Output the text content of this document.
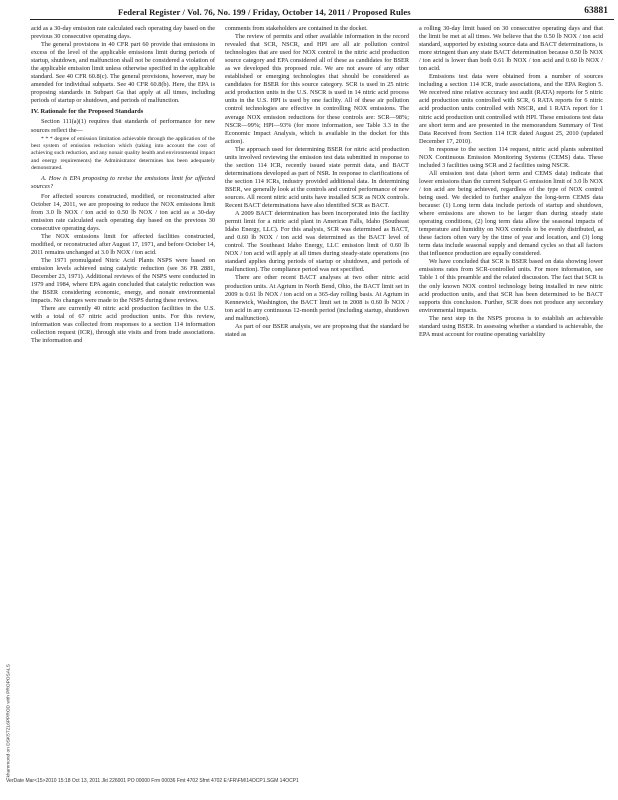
Federal Register / Vol. 76, No. 199 / Friday, October 14, 2011 / Proposed Rules	63881

acid as a 30-day emission rate calculated each operating day based on the previous 30 consecutive operating days.

The general provisions in 40 CFR part 60 provide that emissions in excess of the level of the applicable emissions limit during periods of startup, shutdown, and malfunction shall not be considered a violation of the applicable emission limit unless otherwise specified in the applicable standard. See 40 CFR 60.8(c). The general provisions, however, may be amended for individual subparts. See 40 CFR 60.8(b). Here, the EPA is proposing standards in Subpart Ga that apply at all times, including periods of startup or shutdown, and periods of malfunction.

IV. Rationale for the Proposed Standards

Section 111(a)(1) requires that standards of performance for new sources reflect the—

* * * degree of emission limitation achievable through the application of the best system of emission reduction which (taking into account the cost of achieving such reduction, and any nonair quality health and environmental impact and energy requirements) the Administrator determines has been adequately demonstrated.

A. How is EPA proposing to revise the emissions limit for affected sources?

For affected sources constructed, modified, or reconstructed after October 14, 2011, we are proposing to reduce the NOX emissions limit from 3.0 lb NOX / ton acid to 0.50 lb NOX / ton acid as a 30-day emission rate calculated each operating day based on the previous 30 consecutive operating days.

The NOX emissions limit for affected facilities constructed, modified, or reconstructed after August 17, 1971, and before October 14, 2011 remains unchanged at 3.0 lb NOX / ton acid.

The 1971 promulgated Nitric Acid Plants NSPS were based on emission levels achieved using catalytic reduction (see 36 FR 2881, December 23, 1971). Additional reviews of the NSPS were conducted in 1979 and 1984, where EPA again concluded that catalytic reduction was the BSER considering economic, energy, and nonair environmental impacts. No changes were made to the NSPS during these reviews.

There are currently 40 nitric acid production facilities in the U.S. with a total of 67 nitric acid production units. For this review, information was collected from responses to a section 114 information collection request (ICR), through site visits and from trade associations. The information and

comments from stakeholders are contained in the docket.

The review of permits and other available information in the record revealed that SCR, NSCR, and HPI are all air pollution control technologies that are used for NOX control in the nitric acid production source category and EPA considered all of these as candidates for BSER as we developed this proposed rule. We are not aware of any other established or emerging technologies that should be considered as candidates for BSER for this source category. SCR is used in 25 nitric acid production units in the U.S. NSCR is used in 14 nitric acid process units in the U.S. HPI is used by one facility. All of these air pollution control technologies are effective in controlling NOX emissions. The average NOX emission reductions for these controls are: SCR—98%; NSCR—99%; HPI—93% (for more information, see Table 3.3 in the Economic Impact Analysis, which is available in the docket for this action).

The approach used for determining BSER for nitric acid production units involved reviewing the emission test data submitted in response to the section 114 ICR, recently issued state permit data, and BACT determinations developed as part of NSR. In response to clarifications of the section 114 ICRs, industry provided additional data. In determining BSER, we generally look at the controls and control performance of new sources. All recent nitric acid units have installed SCR as NOX controls. Recent BACT determinations have also identified SCR as BACT.

A 2009 BACT determination has been incorporated into the facility permit limit for a nitric acid plant in American Falls, Idaho (Southeast Idaho Energy, LLC). For this analysis, SCR was determined as BACT, and 0.60 lb NOX / ton acid was determined as the BACT level of control. The Southeast Idaho Energy, LLC emission limit of 0.60 lb NOX / ton acid will apply at all times during steady-state operations (no standard applies during periods of startup or shutdown, and periods of malfunction). The compliance period was not specified.

There are other recent BACT analyses at two other nitric acid production units. At Agrium in North Bend, Ohio, the BACT limit set in 2009 is 0.61 lb NOX / ton acid on a 365-day rolling basis. At Agrium in Kennewick, Washington, the BACT limit set in 2008 is 0.60 lb NOX / ton acid in any continuous 12-month period (including startup, shutdown and malfunction).

As part of our BSER analysis, we are proposing that the standard be stated as

a rolling 30-day limit based on 30 consecutive operating days and that the limit be met at all times. We believe that the 0.50 lb NOX / ton acid standard, supported by existing source data and BACT determinations, is more stringent than any state BACT determination because 0.50 lb NOX / ton acid is lower than both 0.61 lb NOX / ton acid and 0.60 lb NOX / ton acid.

Emissions test data were obtained from a number of sources including a section 114 ICR, trade associations, and the EPA Region 5. We received nine relative accuracy test audit (RATA) reports for 5 nitric acid production units controlled with SCR, 6 RATA reports for 6 nitric acid production units controlled with NSCR, and 1 RATA report for 1 nitric acid production unit controlled with HPI. These emissions test data are short term and are presented in the memorandum Summary of Test Data Received from Section 114 ICR dated August 25, 2010 (updated December 17, 2010).

In response to the section 114 request, nitric acid plants submitted NOX Continuous Emission Monitoring Systems (CEMS) data. These included 3 facilities using SCR and 2 facilities using NSCR.

All emission test data (short term and CEMS data) indicate that lower emissions than the current Subpart G emission limit of 3.0 lb NOX / ton acid are being achieved, regardless of the type of NOX control being used. We decided to further analyze the long-term CEMS data because: (1) Long term data include periods of startup and shutdown, where emissions are shown to be larger than during steady state operating conditions, (2) long term data allow the seasonal impacts of temperature and humidity on NOX controls to be evenly distributed, as these factors often vary by the time of year and location, and (3) long term data include seasonal supply and demand cycles so that all factors that influence production are equally considered.

We have concluded that SCR is BSER based on data showing lower emissions rates from SCR-controlled units. For more information, see Table 1 of this preamble and the related discussion. The fact that SCR is the only known NOX control technology being installed in new nitric acid production units, and that SCR has been determined to be BACT supports this conclusion. Further, SCR does not produce any secondary environmental impacts.

The next step in the NSPS process is to establish an achievable standard using BSER. In assessing whether a standard is achievable, the EPA must account for routine operating variability

khammond on DSK5TZL6PPROD with PROPOSALS
VerDate Mar<15>2010 15:18 Oct 13, 2011 Jkt 226001 PO 00000 Frm 00036 Fmt 4702 Sfmt 4702 E:\FR\FM\14OCP1.SGM 14OCP1
